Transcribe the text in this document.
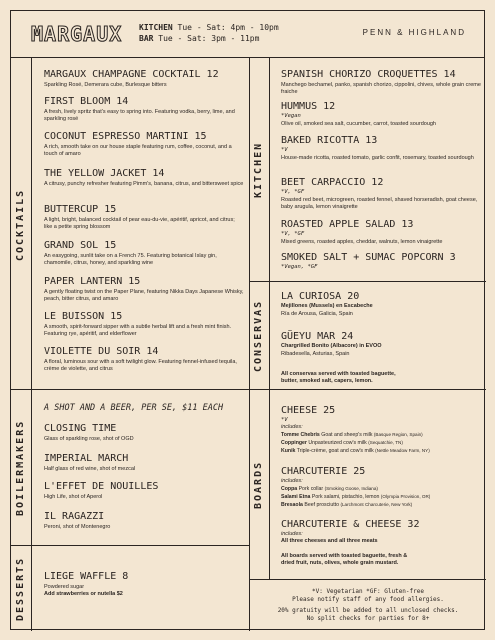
MARGAUX KITCHEN Tue - Sat: 4pm - 10pm
BAR Tue - Sat: 3pm - 11pm
PENN & HIGHLAND
COCKTAILS
BOILERMAKERS
DESSERTS
KITCHEN
CONSERVAS
BOARDS
A SHOT AND A BEER, PER SE, $11 EACH
LIEGE WAFFLE 8
Powdered sugar
Add strawberries or nutella $2
All conservas served with toasted baguette,
butter, smoked salt, capers, lemon.
CHEESE 25
*V
includes:
Tomme Chebris Goat and sheep's milk (Basque Region, Spain)
Coppinger Unpasteurized cow's milk (Sequatchie, TN)
Kunik Triple-crème, goat and cow's milk (Nettle Meadow Farm, NY)
CHARCUTERIE 25
includes:
Coppa Pork collar (Smoking Goose, Indiana)
Salami Etna Pork salami, pistachio, lemon (Olympia Provision, OR)
Bresaola Beef prosciutto (Larchmont Charcuterie, New York)
CHARCUTERIE & CHEESE 32
includes:
All three cheeses and all three meats
All boards served with toasted baguette, fresh &
dried fruit, nuts, olives, whole grain mustard.
*V: Vegetarian *GF: Gluten-free
Please notify staff of any food allergies.
20% gratuity will be added to all unclosed checks.
No split checks for parties for 8+
MARGAUX CHAMPAGNE COCKTAIL 12
Sparkling Rosé, Demerara cube, Burlesque bitters
FIRST BLOOM 14
A fresh, lively spritz that's easy to spring into. Featuring vodka, berry, lime, and sparkling rosé
COCONUT ESPRESSO MARTINI 15
A rich, smooth take on our house staple featuring rum, coffee, coconut, and a touch of amaro
THE YELLOW JACKET 14
A citrusy, punchy refresher featuring Pimm's, banana, citrus, and bittersweet spice
BUTTERCUP 15
A light, bright, balanced cocktail of pear eau-du-vie, apéritif, apricot, and citrus; like a petite spring blossom
GRAND SOL 15
An easygoing, sunlit take on a French 75. Featuring botanical Islay gin, chamomile, citrus, honey, and sparkling wine
PAPER LANTERN 15
A gently floating twist on the Paper Plane, featuring Nikka Days Japanese Whisky, peach, bitter citrus, and amaro
LE BUISSON 15
A smooth, spirit-forward sipper with a subtle herbal lift and a fresh mint finish. Featuring rye, apéritif, and elderflower
VIOLETTE DU SOIR 14
A floral, luminous sour with a soft twilight glow. Featuring fennel-infused tequila, crème de violette, and citrus
CLOSING TIME
Glass of sparkling rose, shot of OGD
IMPERIAL MARCH
Half glass of red wine, shot of mezcal
L'EFFET DE NOUILLES
High Life, shot of Aperol
IL RAGAZZI
Peroni, shot of Montenegro
SPANISH CHORIZO CROQUETTES 14
Manchego bechamel, panko, spanish chorizo, cippolini, chives, whole grain creme fraiche
HUMMUS 12
*Vegan
Olive oil, smoked sea salt, cucumber, carrot, toasted sourdough
BAKED RICOTTA 13
*V
House-made ricotta, roasted tomato, garlic confit, rosemary, toasted sourdough
BEET CARPACCIO 12
*V, *GF
Roasted red beet, microgreen, roasted fennel, shaved horseradish, goat cheese, baby arugula, lemon vinaigrette
ROASTED APPLE SALAD 13
*V, *GF
Mixed greens, roasted apples, cheddar, walnuts, lemon vinaigrette
SMOKED SALT + SUMAC POPCORN 3
*Vegan, *GF
LA CURIOSA 20
Mejillones (Mussels) en Escabeche
Ría de Arousa, Galicia, Spain
GÜEYU MAR 24
Chargrilled Bonito (Albacore) in EVOO
Ribadesella, Asturias, Spain
